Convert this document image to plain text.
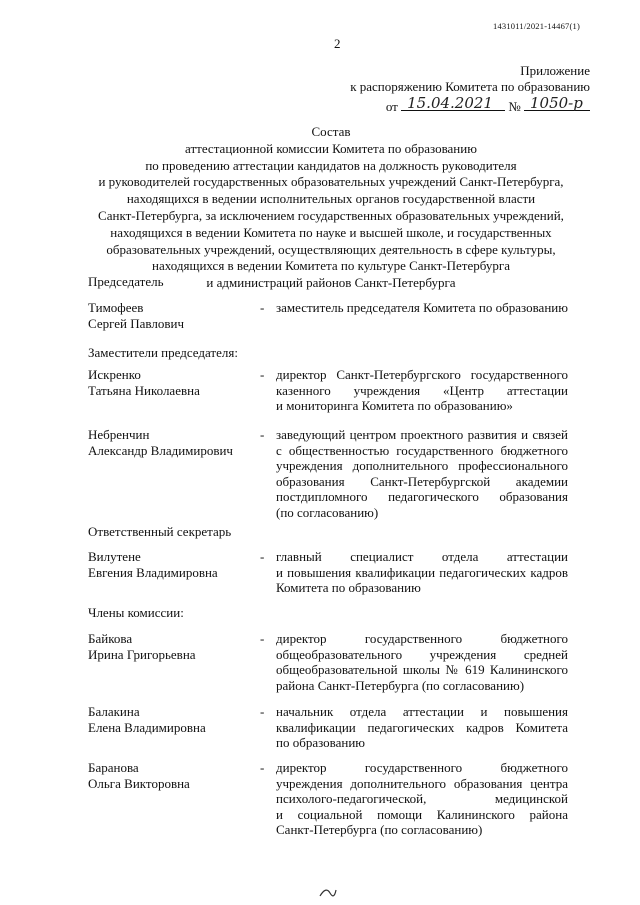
1431011/2021-14467(1)
2
Приложение
к распоряжению Комитета по образованию
от 15.04.2021 № 1050-р
Состав
аттестационной комиссии Комитета по образованию
по проведению аттестации кандидатов на должность руководителя
и руководителей государственных образовательных учреждений Санкт-Петербурга,
находящихся в ведении исполнительных органов государственной власти
Санкт-Петербурга, за исключением государственных образовательных учреждений,
находящихся в ведении Комитета по науке и высшей школе, и государственных
образовательных учреждений, осуществляющих деятельность в сфере культуры,
находящихся в ведении Комитета по культуре Санкт-Петербурга
и администраций районов Санкт-Петербурга
Председатель
Тимофеев
Сергей Павлович
- заместитель председателя Комитета по образованию
Заместители председателя:
Искренко
Татьяна Николаевна
- директор Санкт-Петербургского государственного
казенного учреждения «Центр аттестации
и мониторинга Комитета по образованию»
Небренчин
Александр Владимирович
- заведующий центром проектного развития и связей
с общественностью государственного бюджетного
учреждения дополнительного профессионального
образования Санкт-Петербургской академии
постдипломного педагогического образования
(по согласованию)
Ответственный секретарь
Вилутене
Евгения Владимировна
- главный специалист отдела аттестации
и повышения квалификации педагогических кадров
Комитета по образованию
Члены комиссии:
Байкова
Ирина Григорьевна
- директор государственного бюджетного
общеобразовательного учреждения средней
общеобразовательной школы № 619 Калининского
района Санкт-Петербурга (по согласованию)
Балакина
Елена Владимировна
- начальник отдела аттестации и повышения
квалификации педагогических кадров Комитета
по образованию
Баранова
Ольга Викторовна
- директор государственного бюджетного
учреждения дополнительного образования центра
психолого-педагогической, медицинской
и социальной помощи Калининского района
Санкт-Петербурга (по согласованию)
